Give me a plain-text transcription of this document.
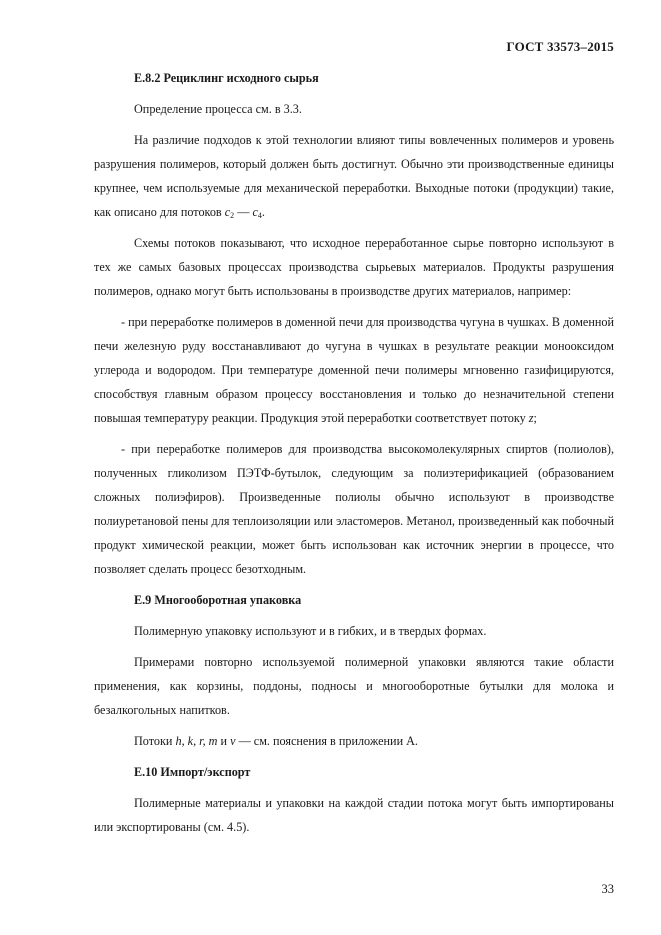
ГОСТ 33573–2015
Е.8.2 Рециклинг исходного сырья

Определение процесса см. в 3.3.

На различие подходов к этой технологии влияют типы вовлеченных полимеров и уровень разрушения полимеров, который должен быть достигнут. Обычно эти производственные единицы крупнее, чем используемые для механической переработки. Выходные потоки (продукции) такие, как описано для потоков $c_2$ — $c_4$.

Схемы потоков показывают, что исходное переработанное сырье повторно используют в тех же самых базовых процессах производства сырьевых материалов. Продукты разрушения полимеров, однако могут быть использованы в производстве других материалов, например:

- при переработке полимеров в доменной печи для производства чугуна в чушках. В доменной печи железную руду восстанавливают до чугуна в чушках в результате реакции монооксидом углерода и водородом. При температуре доменной печи полимеры мгновенно газифицируются, способствуя главным образом процессу восстановления и только до незначительной степени повышая температуру реакции. Продукция этой переработки соответствует потоку z;

- при переработке полимеров для производства высокомолекулярных спиртов (полиолов), полученных гликолизом ПЭТФ-бутылок, следующим за полиэтерификацией (образованием сложных полиэфиров). Произведенные полиолы обычно используют в производстве полиуретановой пены для теплоизоляции или эластомеров. Метанол, произведенный как побочный продукт химической реакции, может быть использован как источник энергии в процессе, что позволяет сделать процесс безотходным.

Е.9 Многооборотная упаковка

Полимерную упаковку используют и в гибких, и в твердых формах.

Примерами повторно используемой полимерной упаковки являются такие области применения, как корзины, поддоны, подносы и многооборотные бутылки для молока и безалкогольных напитков.

Потоки h, k, r, m и v — см. пояснения в приложении А.

Е.10 Импорт/экспорт

Полимерные материалы и упаковки на каждой стадии потока могут быть импортированы или экспортированы (см. 4.5).

33
